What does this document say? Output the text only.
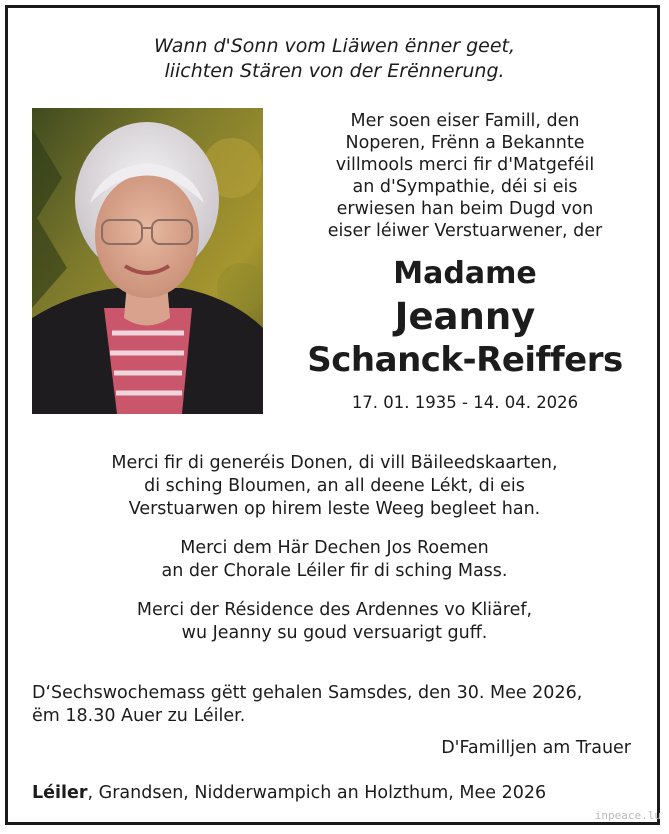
Wann d'Sonn vom Liäwen ënner geet,
liichten Stären von der Erënnerung.
Mer soen eiser Famill, den
Noperen, Frënn a Bekannte
villmools merci fir d'Matgeféil
an d'Sympathie, déi si eis
erwiesen han beim Dugd von
eiser léiwer Verstuarwener, der
Madame
Jeanny
Schanck-Reiffers
17. 01. 1935 - 14. 04. 2026
Merci fir di generéis Donen, di vill Bäileedskaarten,
di sching Bloumen, an all deene Lékt, di eis
Verstuarwen op hirem leste Weeg begleet han.
Merci dem Här Dechen Jos Roemen
an der Chorale Léiler fir di sching Mass.
Merci der Résidence des Ardennes vo Kliäref,
wu Jeanny su goud versuarigt guff.
D‘Sechswochemass gëtt gehalen Samsdes, den 30. Mee 2026,
ëm 18.30 Auer zu Léiler.
D'Familljen am Trauer
Léiler, Grandsen, Nidderwampich an Holzthum, Mee 2026
inpeace.lu
